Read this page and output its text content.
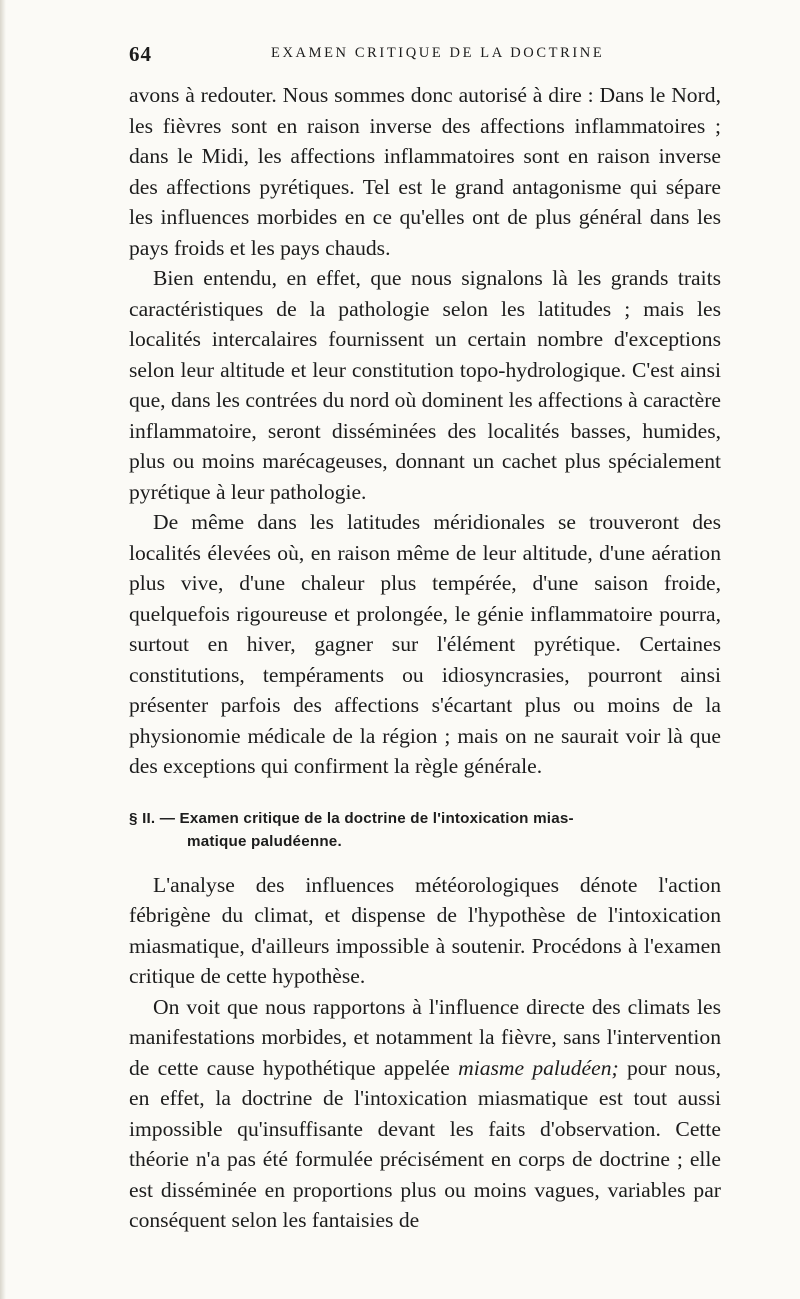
64	EXAMEN CRITIQUE DE LA DOCTRINE

avons à redouter. Nous sommes donc autorisé à dire : Dans le Nord, les fièvres sont en raison inverse des affections inflammatoires ; dans le Midi, les affections inflammatoires sont en raison inverse des affections pyrétiques. Tel est le grand antagonisme qui sépare les influences morbides en ce qu'elles ont de plus général dans les pays froids et les pays chauds.

Bien entendu, en effet, que nous signalons là les grands traits caractéristiques de la pathologie selon les latitudes ; mais les localités intercalaires fournissent un certain nombre d'exceptions selon leur altitude et leur constitution topo-hydrologique. C'est ainsi que, dans les contrées du nord où dominent les affections à caractère inflammatoire, seront disséminées des localités basses, humides, plus ou moins marécageuses, donnant un cachet plus spécialement pyrétique à leur pathologie.

De même dans les latitudes méridionales se trouveront des localités élevées où, en raison même de leur altitude, d'une aération plus vive, d'une chaleur plus tempérée, d'une saison froide, quelquefois rigoureuse et prolongée, le génie inflammatoire pourra, surtout en hiver, gagner sur l'élément pyrétique. Certaines constitutions, tempéraments ou idiosyncrasies, pourront ainsi présenter parfois des affections s'écartant plus ou moins de la physionomie médicale de la région ; mais on ne saurait voir là que des exceptions qui confirment la règle générale.

§ II. — Examen critique de la doctrine de l'intoxication mias-
matique paludéenne.

L'analyse des influences météorologiques dénote l'action fébrigène du climat, et dispense de l'hypothèse de l'intoxication miasmatique, d'ailleurs impossible à soutenir. Procédons à l'examen critique de cette hypothèse.

On voit que nous rapportons à l'influence directe des climats les manifestations morbides, et notamment la fièvre, sans l'intervention de cette cause hypothétique appelée miasme paludéen; pour nous, en effet, la doctrine de l'intoxication miasmatique est tout aussi impossible qu'insuffisante devant les faits d'observation. Cette théorie n'a pas été formulée précisément en corps de doctrine ; elle est disséminée en proportions plus ou moins vagues, variables par conséquent selon les fantaisies de
